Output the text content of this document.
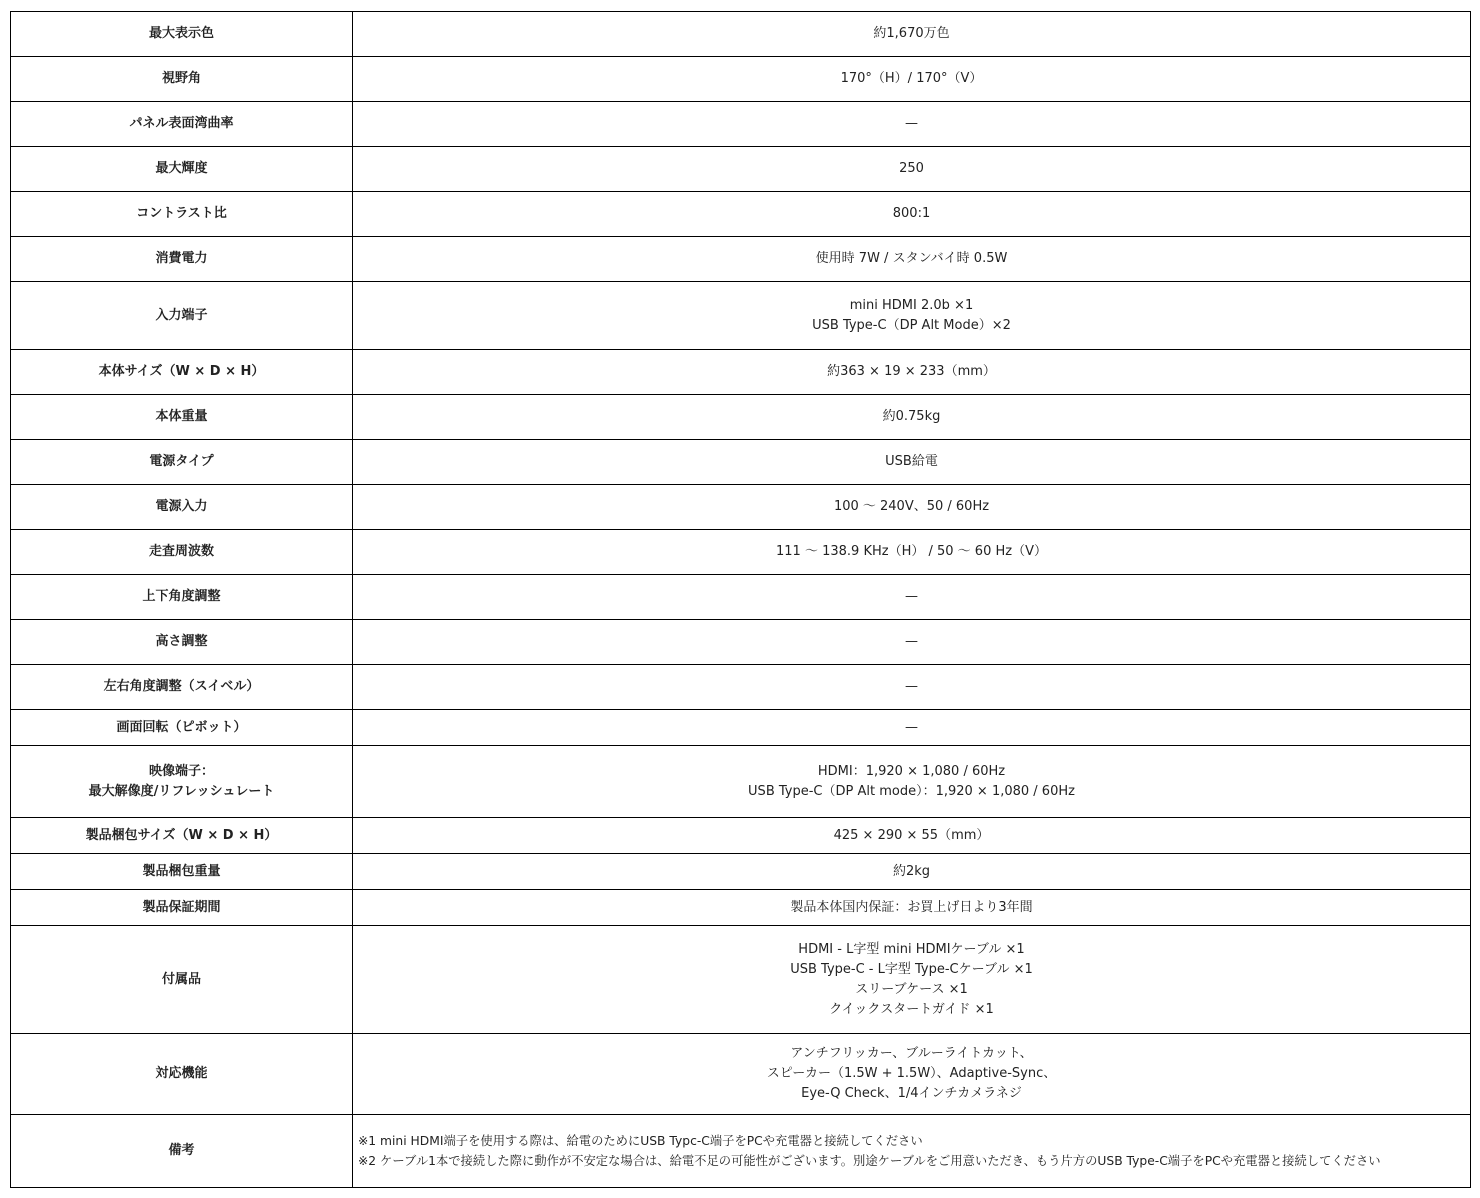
最大表示色	約1,670万色

視野角	170°（H）/ 170°（V）

パネル表面湾曲率	—

最大輝度	250

コントラスト比	800:1

消費電力	使用時 7W / スタンバイ時 0.5W

入力端子	mini HDMI 2.0b ×1
USB Type-C（DP Alt Mode）×2

本体サイズ（W × D × H）	約363 × 19 × 233（mm）

本体重量	約0.75kg

電源タイプ	USB給電

電源入力	100 ～ 240V、50 / 60Hz

走査周波数	111 ～ 138.9 KHz（H） / 50 ～ 60 Hz（V）

上下角度調整	—

高さ調整	—

左右角度調整（スイベル）	—

画面回転（ピボット）	—

映像端子：
最大解像度/リフレッシュレート	HDMI：1,920 × 1,080 / 60Hz
USB Type-C（DP Alt mode）：1,920 × 1,080 / 60Hz

製品梱包サイズ（W × D × H）	425 × 290 × 55（mm）

製品梱包重量	約2kg

製品保証期間	製品本体国内保証：お買上げ日より3年間

付属品	HDMI - L字型 mini HDMIケーブル ×1
USB Type-C - L字型 Type-Cケーブル ×1
スリーブケース ×1
クイックスタートガイド ×1

対応機能	アンチフリッカー、ブルーライトカット、
スピーカー（1.5W + 1.5W）、Adaptive-Sync、
Eye-Q Check、1/4インチカメラネジ

備考	※1 mini HDMI端子を使用する際は、給電のためにUSB Typc-C端子をPCや充電器と接続してください
※2 ケーブル1本で接続した際に動作が不安定な場合は、給電不足の可能性がございます。別途ケーブルをご用意いただき、もう片方のUSB Type-C端子をPCや充電器と接続してください
